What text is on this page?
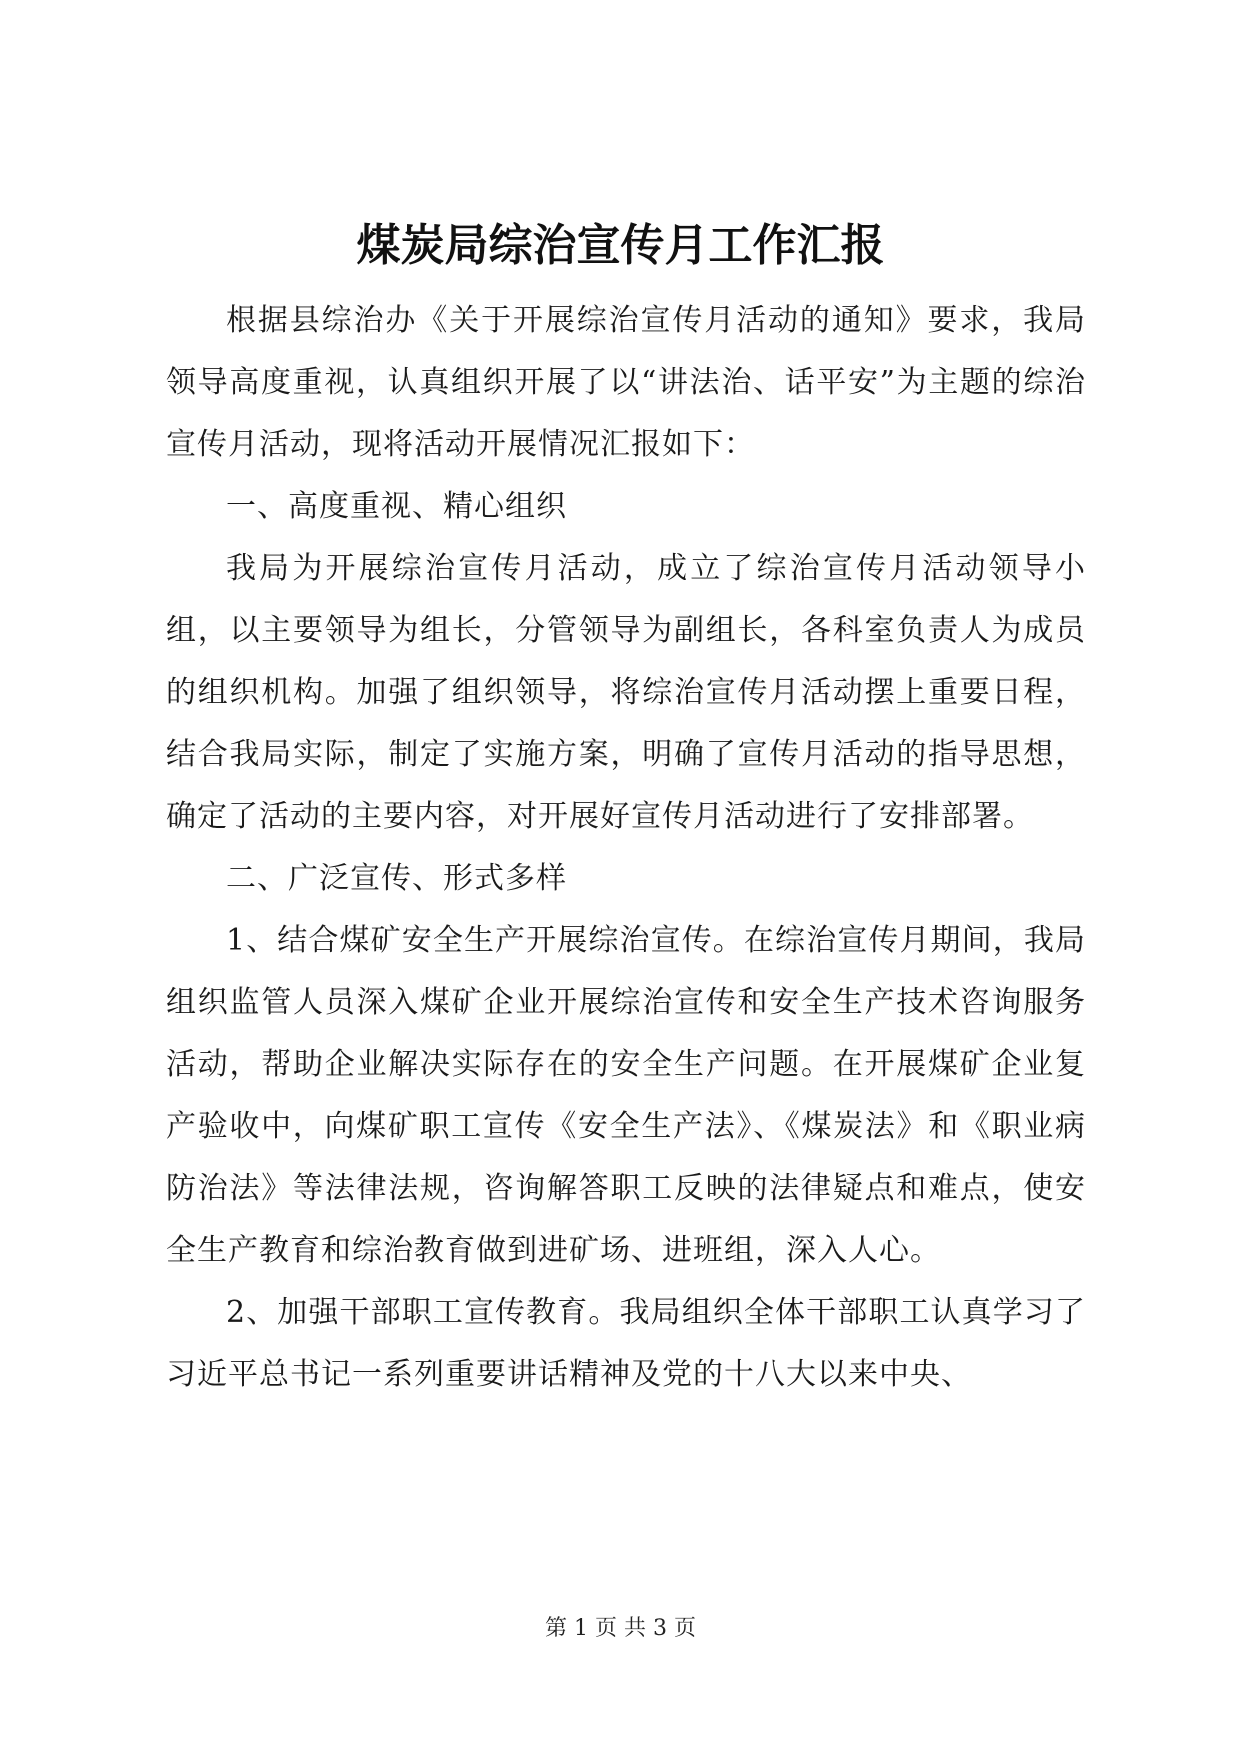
煤炭局综治宣传月工作汇报

根据县综治办《关于开展综治宣传月活动的通知》要求，我局领导高度重视，认真组织开展了以“讲法治、话平安”为主题的综治宣传月活动，现将活动开展情况汇报如下：

一、高度重视、精心组织

我局为开展综治宣传月活动，成立了综治宣传月活动领导小组，以主要领导为组长，分管领导为副组长，各科室负责人为成员的组织机构。加强了组织领导，将综治宣传月活动摆上重要日程，结合我局实际，制定了实施方案，明确了宣传月活动的指导思想，确定了活动的主要内容，对开展好宣传月活动进行了安排部署。

二、广泛宣传、形式多样

1、结合煤矿安全生产开展综治宣传。在综治宣传月期间，我局组织监管人员深入煤矿企业开展综治宣传和安全生产技术咨询服务活动，帮助企业解决实际存在的安全生产问题。在开展煤矿企业复产验收中，向煤矿职工宣传《安全生产法》、《煤炭法》和《职业病防治法》等法律法规，咨询解答职工反映的法律疑点和难点，使安全生产教育和综治教育做到进矿场、进班组，深入人心。

2、加强干部职工宣传教育。我局组织全体干部职工认真学习了习近平总书记一系列重要讲话精神及党的十八大以来中央、

第 1 页 共 3 页
